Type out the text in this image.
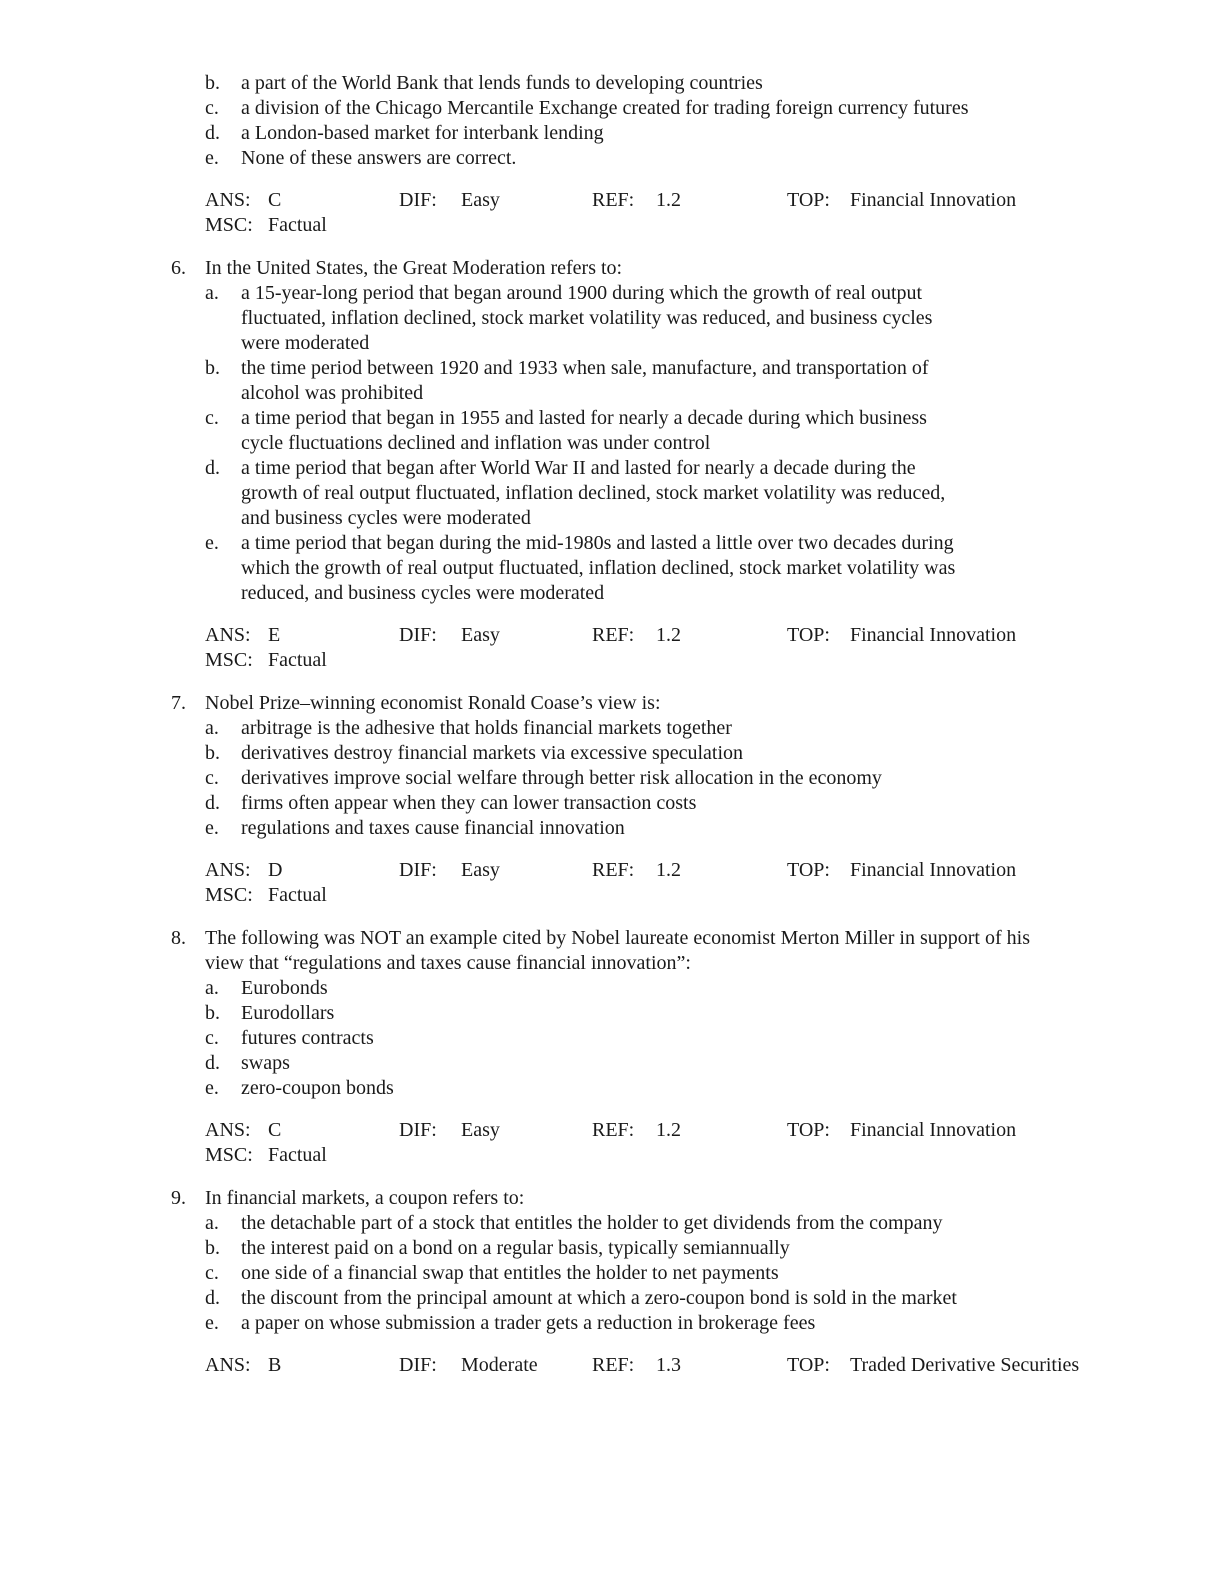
b. a part of the World Bank that lends funds to developing countries
c. a division of the Chicago Mercantile Exchange created for trading foreign currency futures
d. a London-based market for interbank lending
e. None of these answers are correct.
ANS: C	DIF: Easy	REF: 1.2	TOP: Financial Innovation
MSC: Factual
6. In the United States, the Great Moderation refers to:
a. a 15-year-long period that began around 1900 during which the growth of real output
fluctuated, inflation declined, stock market volatility was reduced, and business cycles
were moderated
b. the time period between 1920 and 1933 when sale, manufacture, and transportation of
alcohol was prohibited
c. a time period that began in 1955 and lasted for nearly a decade during which business
cycle fluctuations declined and inflation was under control
d. a time period that began after World War II and lasted for nearly a decade during the
growth of real output fluctuated, inflation declined, stock market volatility was reduced,
and business cycles were moderated
e. a time period that began during the mid-1980s and lasted a little over two decades during
which the growth of real output fluctuated, inflation declined, stock market volatility was
reduced, and business cycles were moderated
ANS: E	DIF: Easy	REF: 1.2	TOP: Financial Innovation
MSC: Factual
7. Nobel Prize–winning economist Ronald Coase’s view is:
a. arbitrage is the adhesive that holds financial markets together
b. derivatives destroy financial markets via excessive speculation
c. derivatives improve social welfare through better risk allocation in the economy
d. firms often appear when they can lower transaction costs
e. regulations and taxes cause financial innovation
ANS: D	DIF: Easy	REF: 1.2	TOP: Financial Innovation
MSC: Factual
8. The following was NOT an example cited by Nobel laureate economist Merton Miller in support of his
view that “regulations and taxes cause financial innovation”:
a. Eurobonds
b. Eurodollars
c. futures contracts
d. swaps
e. zero-coupon bonds
ANS: C	DIF: Easy	REF: 1.2	TOP: Financial Innovation
MSC: Factual
9. In financial markets, a coupon refers to:
a. the detachable part of a stock that entitles the holder to get dividends from the company
b. the interest paid on a bond on a regular basis, typically semiannually
c. one side of a financial swap that entitles the holder to net payments
d. the discount from the principal amount at which a zero-coupon bond is sold in the market
e. a paper on whose submission a trader gets a reduction in brokerage fees
ANS: B	DIF: Moderate	REF: 1.3	TOP: Traded Derivative Securities
